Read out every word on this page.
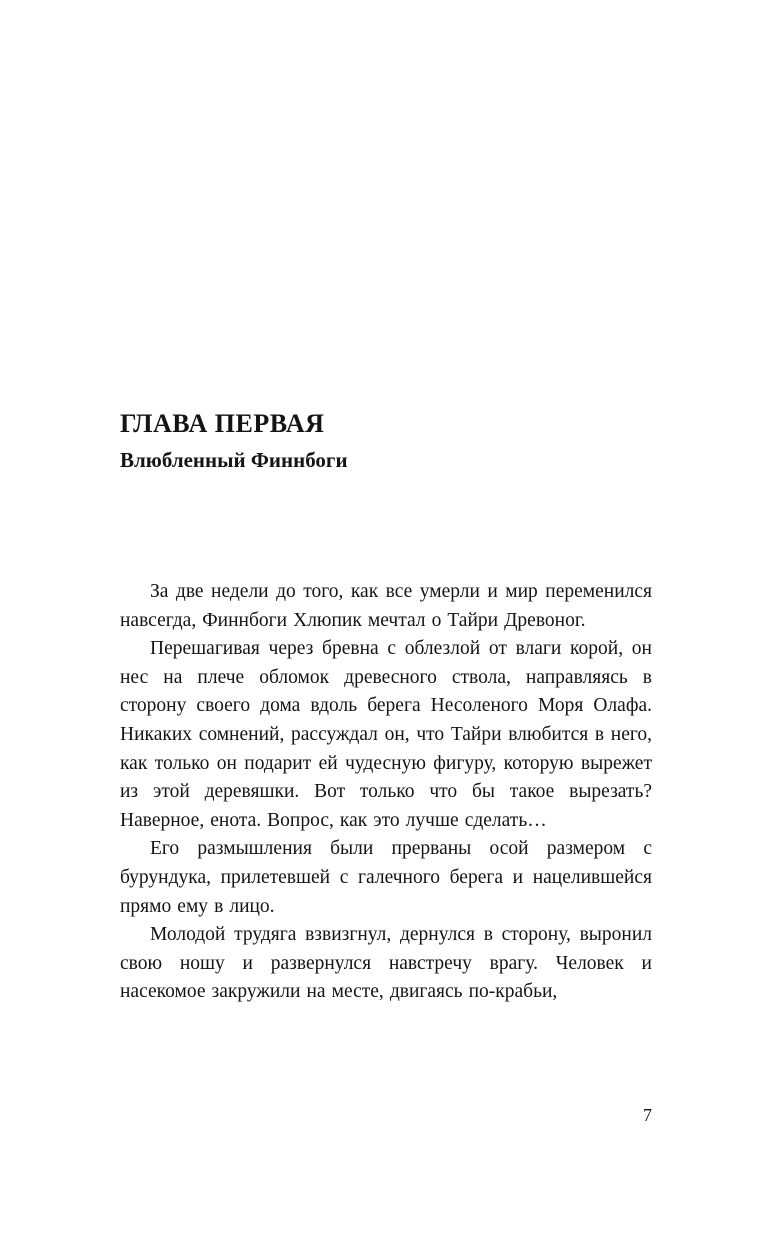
ГЛАВА ПЕРВАЯ
Влюбленный Финнбоги

За две недели до того, как все умерли и мир переменился навсегда, Финнбоги Хлюпик мечтал о Тайри Древоног.

Перешагивая через бревна с облезлой от влаги корой, он нес на плече обломок древесного ствола, направляясь в сторону своего дома вдоль берега Несоленого Моря Олафа. Никаких сомнений, рассуждал он, что Тайри влюбится в него, как только он подарит ей чудесную фигуру, которую вырежет из этой деревяшки. Вот только что бы такое вырезать? Наверное, енота. Вопрос, как это лучше сделать…

Его размышления были прерваны осой размером с бурундука, прилетевшей с галечного берега и нацелившейся прямо ему в лицо.

Молодой трудяга взвизгнул, дернулся в сторону, выронил свою ношу и развернулся навстречу врагу. Человек и насекомое закружили на месте, двигаясь по-крабьи,

7
